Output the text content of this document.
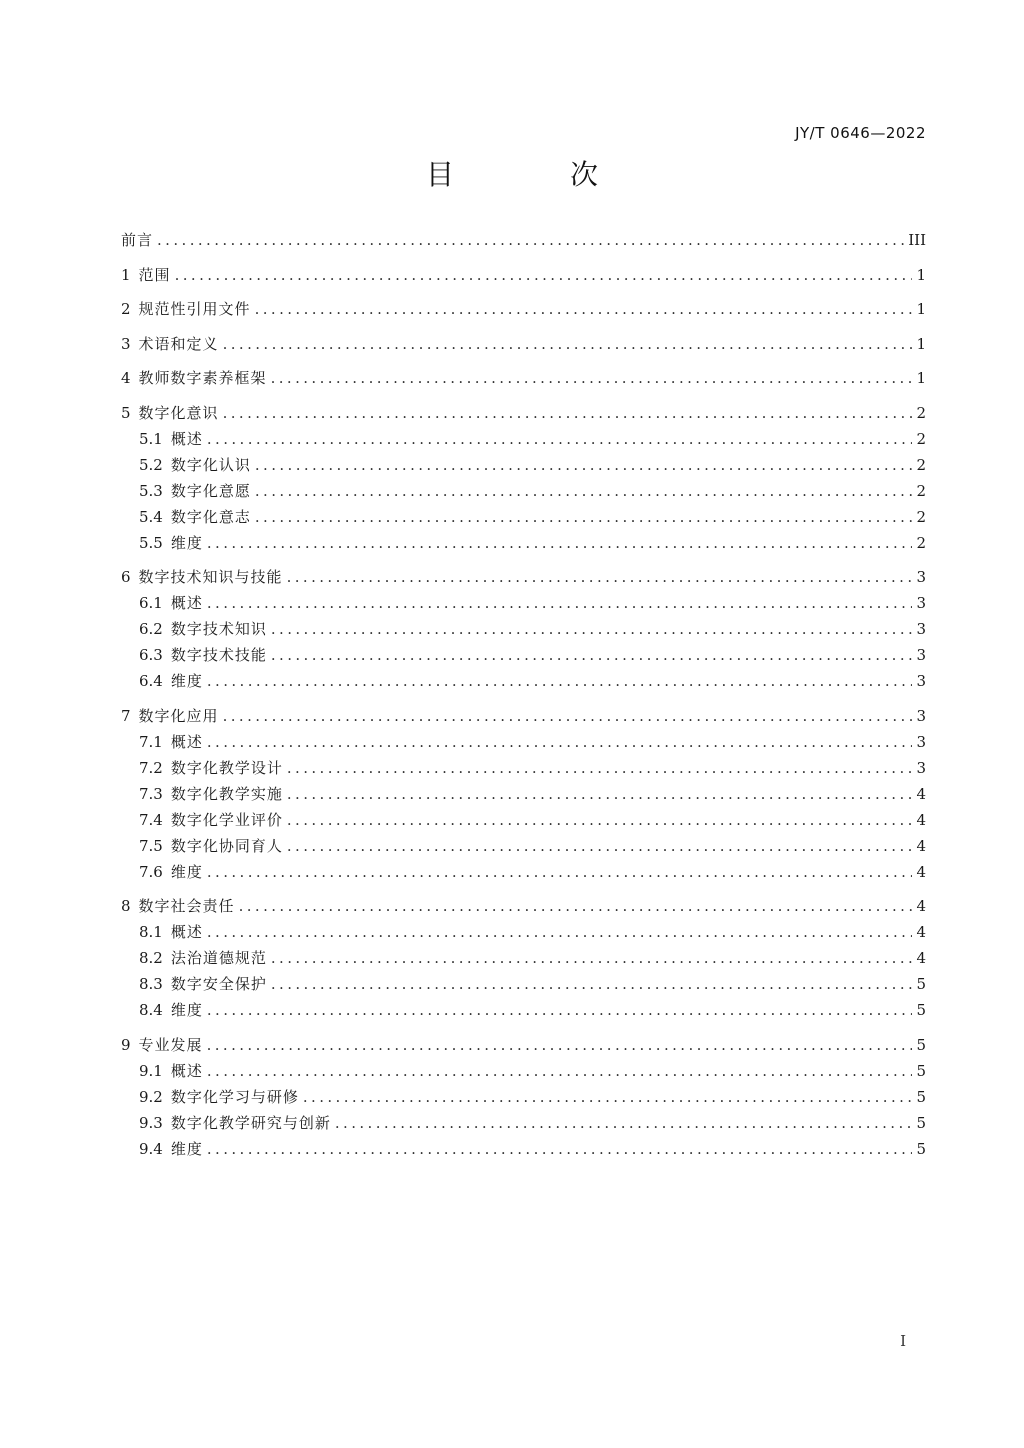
JY/T 0646—2022
目　次
前言 .....	III
1 范围 .....	1
2 规范性引用文件 .....	1
3 术语和定义 .....	1
4 教师数字素养框架 .....	1
5 数字化意识 .....	2
5.1 概述 .....	2
5.2 数字化认识 .....	2
5.3 数字化意愿 .....	2
5.4 数字化意志 .....	2
5.5 维度 .....	2
6 数字技术知识与技能 .....	3
6.1 概述 .....	3
6.2 数字技术知识 .....	3
6.3 数字技术技能 .....	3
6.4 维度 .....	3
7 数字化应用 .....	3
7.1 概述 .....	3
7.2 数字化教学设计 .....	3
7.3 数字化教学实施 .....	4
7.4 数字化学业评价 .....	4
7.5 数字化协同育人 .....	4
7.6 维度 .....	4
8 数字社会责任 .....	4
8.1 概述 .....	4
8.2 法治道德规范 .....	4
8.3 数字安全保护 .....	5
8.4 维度 .....	5
9 专业发展 .....	5
9.1 概述 .....	5
9.2 数字化学习与研修 .....	5
9.3 数字化教学研究与创新 .....	5
9.4 维度 .....	5
I
